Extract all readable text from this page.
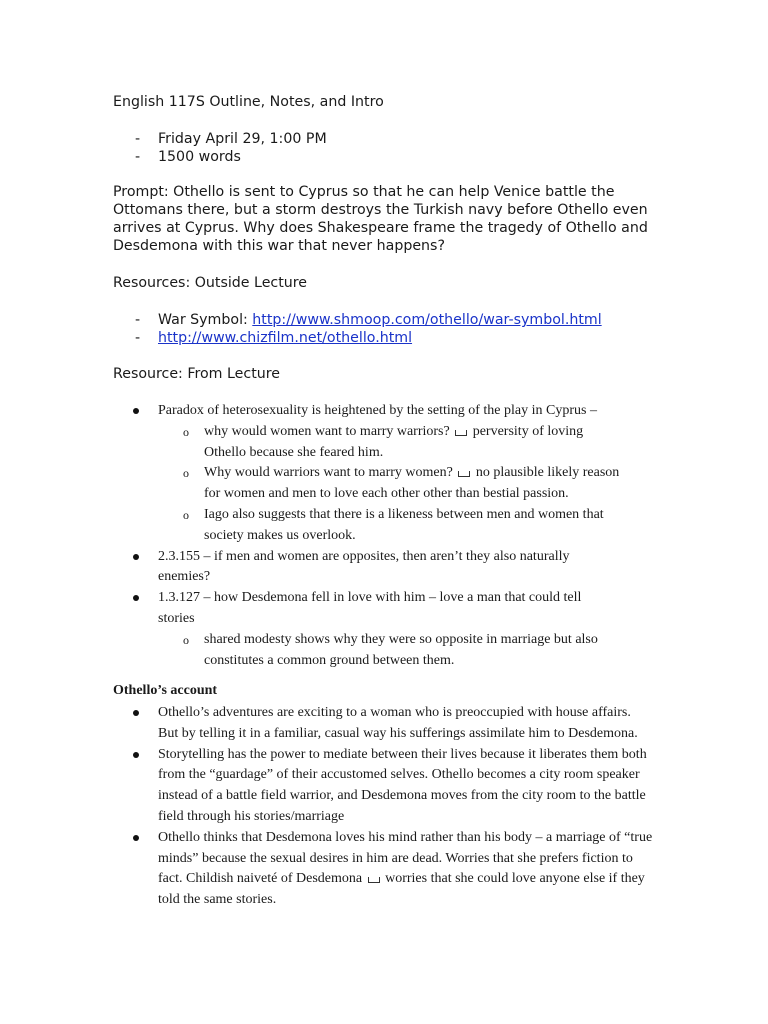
English 117S Outline, Notes, and Intro
- Friday April 29, 1:00 PM
- 1500 words
Prompt: Othello is sent to Cyprus so that he can help Venice battle the Ottomans there, but a storm destroys the Turkish navy before Othello even arrives at Cyprus. Why does Shakespeare frame the tragedy of Othello and Desdemona with this war that never happens?
Resources: Outside Lecture
- War Symbol: http://www.shmoop.com/othello/war-symbol.html
- http://www.chizfilm.net/othello.html
Resource: From Lecture
Paradox of heterosexuality is heightened by the setting of the play in Cyprus –
o why would women want to marry warriors?  perversity of loving Othello because she feared him.
o Why would warriors want to marry women?  no plausible likely reason for women and men to love each other other than bestial passion.
o Iago also suggests that there is a likeness between men and women that society makes us overlook.
2.3.155 – if men and women are opposites, then aren’t they also naturally enemies?
1.3.127 – how Desdemona fell in love with him – love a man that could tell stories
o shared modesty shows why they were so opposite in marriage but also constitutes a common ground between them.
Othello’s account
Othello’s adventures are exciting to a woman who is preoccupied with house affairs. But by telling it in a familiar, casual way his sufferings assimilate him to Desdemona.
Storytelling has the power to mediate between their lives because it liberates them both from the “guardage” of their accustomed selves. Othello becomes a city room speaker instead of a battle field warrior, and Desdemona moves from the city room to the battle field through his stories/marriage
Othello thinks that Desdemona loves his mind rather than his body – a marriage of “true minds” because the sexual desires in him are dead. Worries that she prefers fiction to fact. Childish naiveté of Desdemona  worries that she could love anyone else if they told the same stories.
